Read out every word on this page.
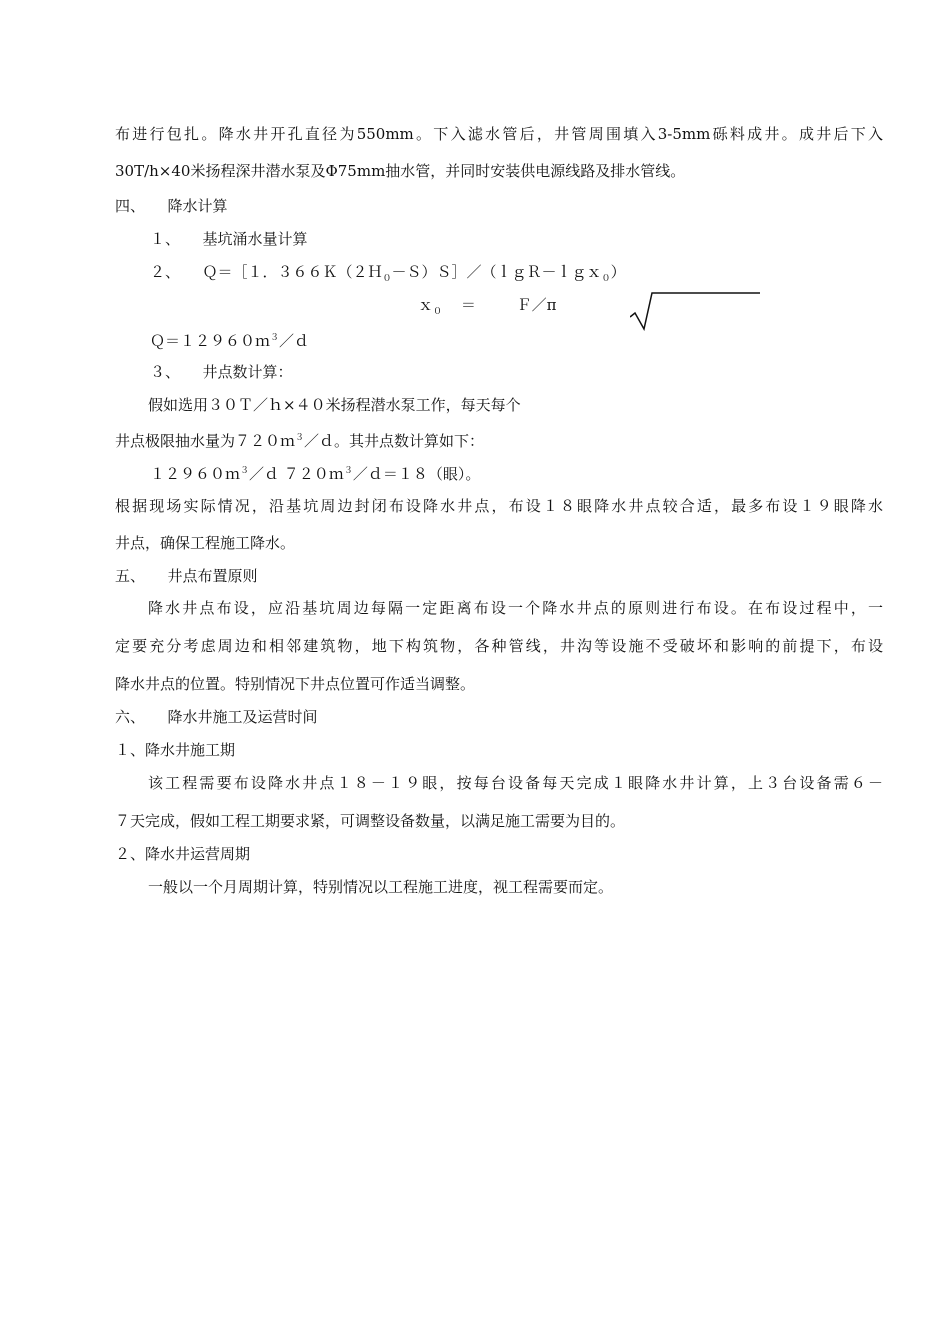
布进行包扎。降水井开孔直径为550mm。下入滤水管后，井管周围填入3-5mm砾料成井。成井后下入
30T/h×40米扬程深井潜水泵及Φ75mm抽水管，并同时安装供电源线路及排水管线。
四、　　降水计算
１、　　基坑涌水量计算
２、　　Ｑ＝［１．３６６Ｋ（２Ｈ$_0$－Ｓ）Ｓ］／（ｌｇＲ－ｌｇｘ$_0$）
ｘ$_0$ ＝	Ｆ／π
Ｑ＝１２９６０ｍ$^3$／ｄ
３、　　井点数计算：
假如选用３０Ｔ／ｈ×４０米扬程潜水泵工作，每天每个
井点极限抽水量为７２０ｍ$^3$／ｄ。其井点数计算如下：
１２９６０ｍ$^3$／ｄ ７２０ｍ$^3$／ｄ＝１８（眼）。
根据现场实际情况，沿基坑周边封闭布设降水井点，布设１８眼降水井点较合适，最多布设１９眼降水
井点，确保工程施工降水。
五、　　井点布置原则
降水井点布设，应沿基坑周边每隔一定距离布设一个降水井点的原则进行布设。在布设过程中，一
定要充分考虑周边和相邻建筑物，地下构筑物，各种管线，井沟等设施不受破坏和影响的前提下，布设
降水井点的位置。特别情况下井点位置可作适当调整。
六、　　降水井施工及运营时间
１、降水井施工期
该工程需要布设降水井点１８－１９眼，按每台设备每天完成１眼降水井计算，上３台设备需６－
７天完成，假如工程工期要求紧，可调整设备数量，以满足施工需要为目的。
２、降水井运营周期
一般以一个月周期计算，特别情况以工程施工进度，视工程需要而定。
